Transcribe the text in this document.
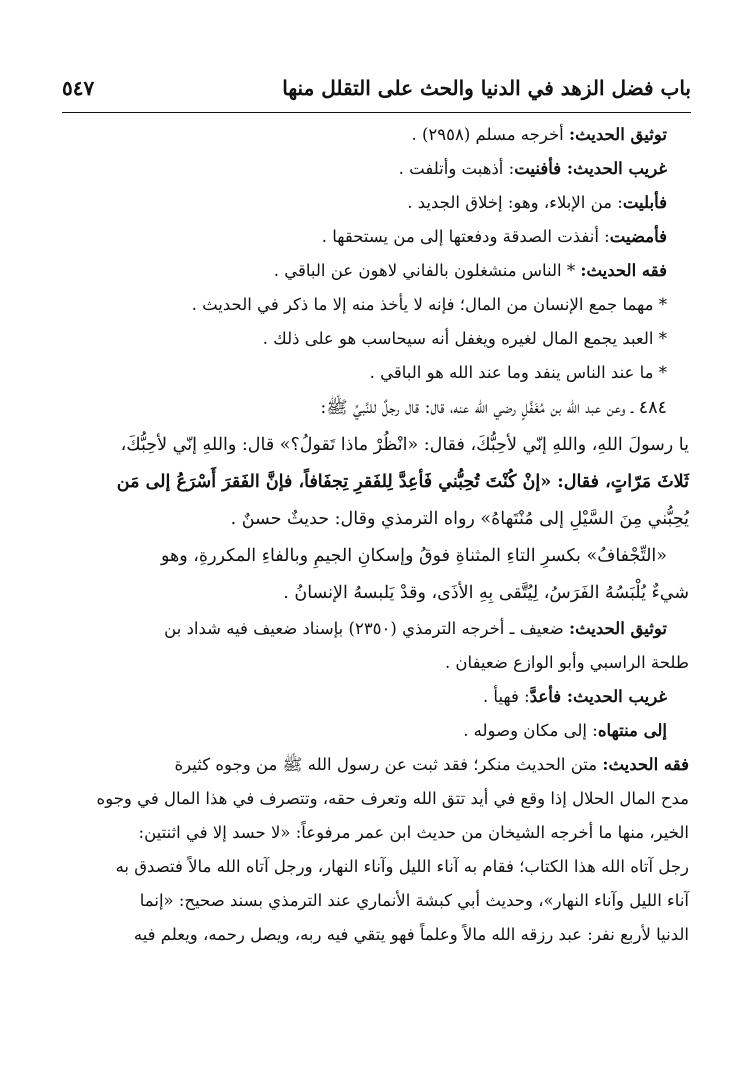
باب فضل الزهد في الدنيا والحث على التقلل منها
٥٤٧

توثيق الحديث: أخرجه مسلم (٢٩٥٨) .

غريب الحديث: فأفنيت: أذهبت وأتلفت .

فأبليت: من الإبلاء، وهو: إخلاق الجديد .

فأمضيت: أنفذت الصدقة ودفعتها إلى من يستحقها .

فقه الحديث: * الناس منشغلون بالفاني لاهون عن الباقي .

* مهما جمع الإنسان من المال؛ فإنه لا يأخذ منه إلا ما ذكر في الحديث .

* العبد يجمع المال لغيره ويغفل أنه سيحاسب هو على ذلك .

* ما عند الناس ينفد وما عند الله هو الباقي .

٤٨٤ ـ وعن عبد الله بن مُغَفَّلٍ رضي الله عنه، قال: قال رجلٌ للنَّبيِّ ﷺ:

يا رسولَ اللهِ، واللهِ إنّي لأحِبُّكَ، فقال: «انْظُرْ ماذا تَقولُ؟» قال: واللهِ إنّي لأحِبُّكَ،

ثَلاثَ مَرّاتٍ، فقال: «إنْ كُنْتَ تُحِبُّني فَأعِدَّ لِلفَقرِ تِجفَافاً، فإنَّ الفَقرَ أَسْرَعُ إلى مَن

يُحِبُّني مِنَ السَّيْلِ إلى مُنْتَهاهُ» رواه الترمذي وقال: حديثٌ حسنٌ .

«التِّجْفافُ» بكسرِ التاءِ المثناةِ فوقُ وإسكانِ الجيمِ وبالفاءِ المكررةِ، وهو

شيءٌ يُلْبَسُهُ الفَرَسُ، لِيُتَّقى بِهِ الأذَى، وقدْ يَلبسهُ الإنسانُ .

توثيق الحديث: ضعيف ـ أخرجه الترمذي (٢٣٥٠) بإسناد ضعيف فيه شداد بن

طلحة الراسبي وأبو الوازع ضعيفان .

غريب الحديث: فأعدَّ: فهيأ .

إلى منتهاه: إلى مكان وصوله .

فقه الحديث: متن الحديث منكر؛ فقد ثبت عن رسول الله ﷺ من وجوه كثيرة

مدح المال الحلال إذا وقع في أيد تتق الله وتعرف حقه، وتتصرف في هذا المال في وجوه

الخير، منها ما أخرجه الشيخان من حديث ابن عمر مرفوعاً: «لا حسد إلا في اثنتين:

رجل آتاه الله هذا الكتاب؛ فقام به آناء الليل وآناء النهار، ورجل آتاه الله مالاً فتصدق به

آناء الليل وآناء النهار»، وحديث أبي كبشة الأنماري عند الترمذي بسند صحيح: «إنما

الدنيا لأربع نفر: عبد رزقه الله مالاً وعلماً فهو يتقي فيه ربه، ويصل رحمه، ويعلم فيه
